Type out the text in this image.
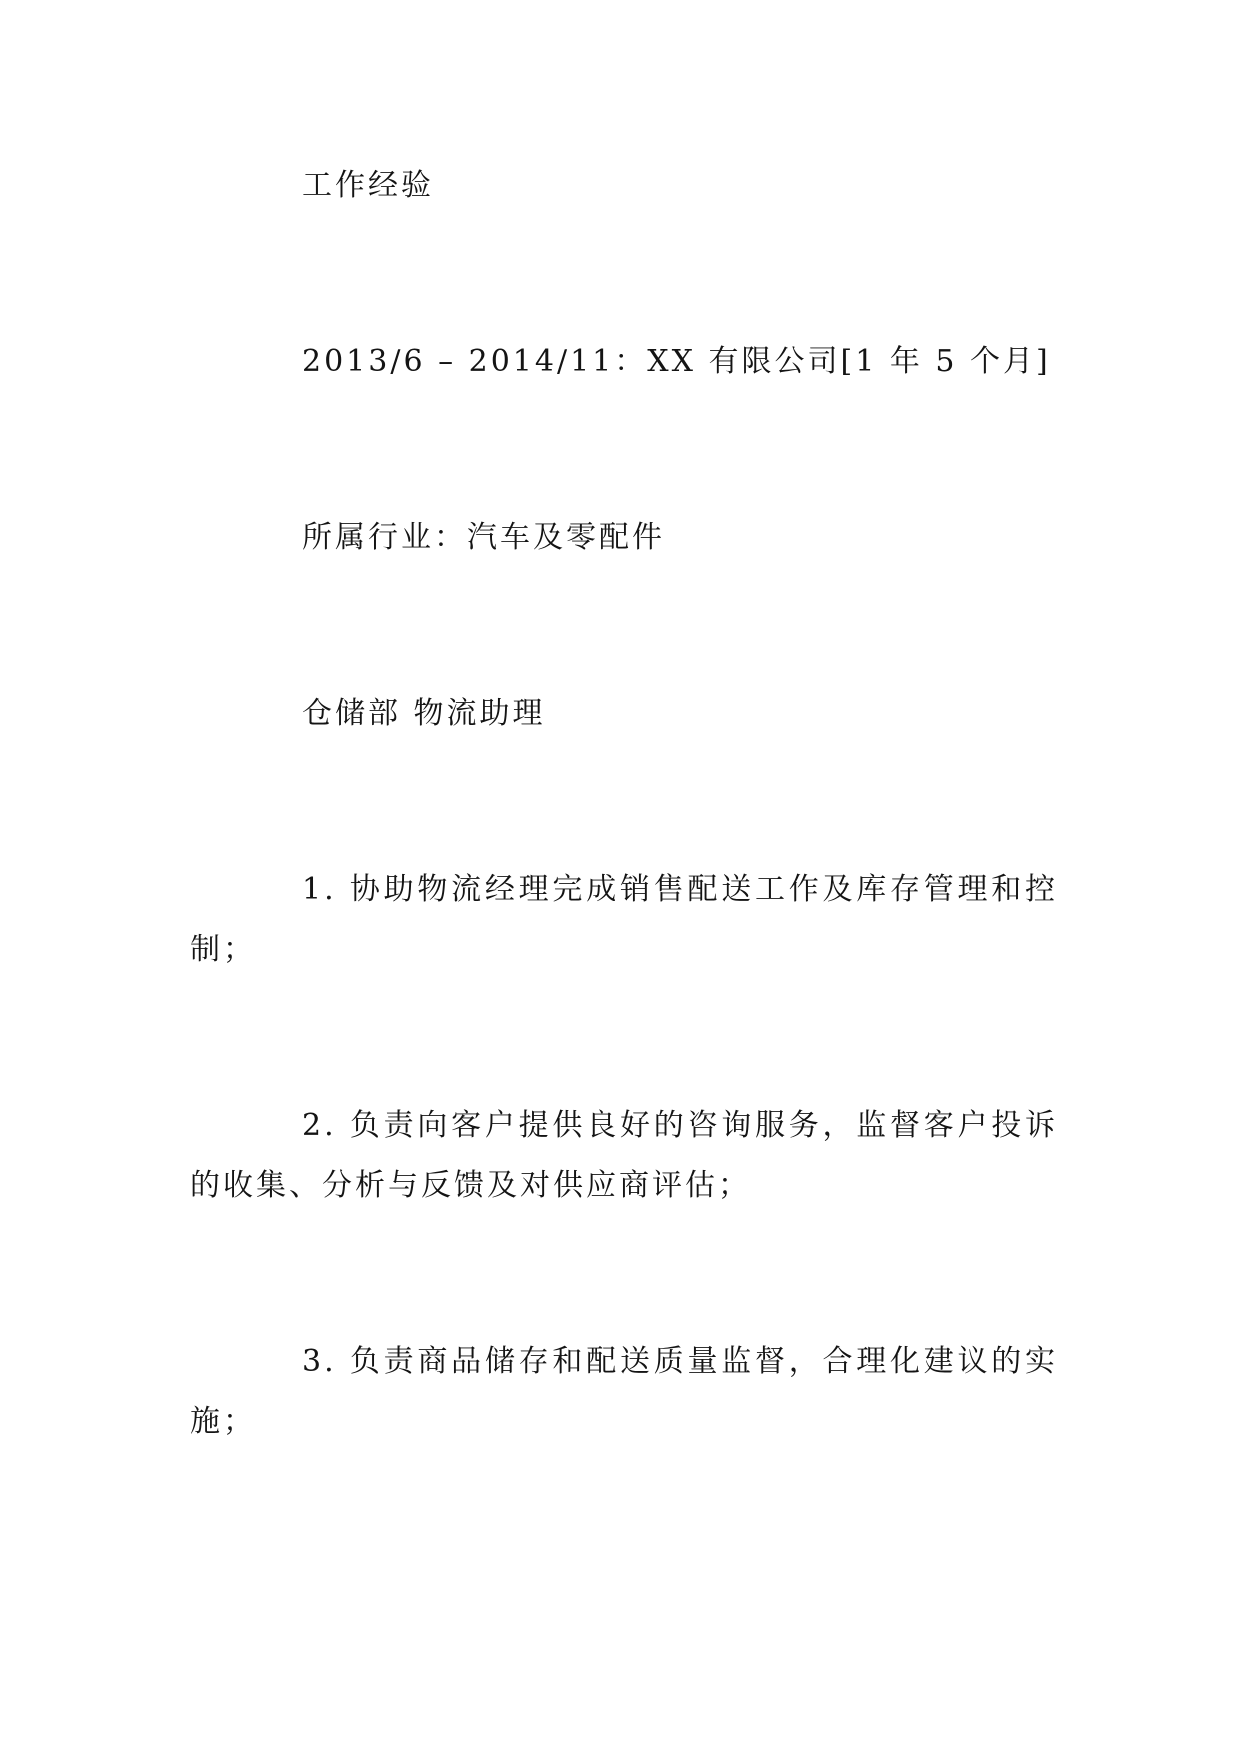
工作经验

2013/6 – 2014/11：XX 有限公司[1 年 5 个月]

所属行业：汽车及零配件

仓储部 物流助理

1. 协助物流经理完成销售配送工作及库存管理和控制；

2. 负责向客户提供良好的咨询服务，监督客户投诉的收集、分析与反馈及对供应商评估；

3. 负责商品储存和配送质量监督，合理化建议的实施；
